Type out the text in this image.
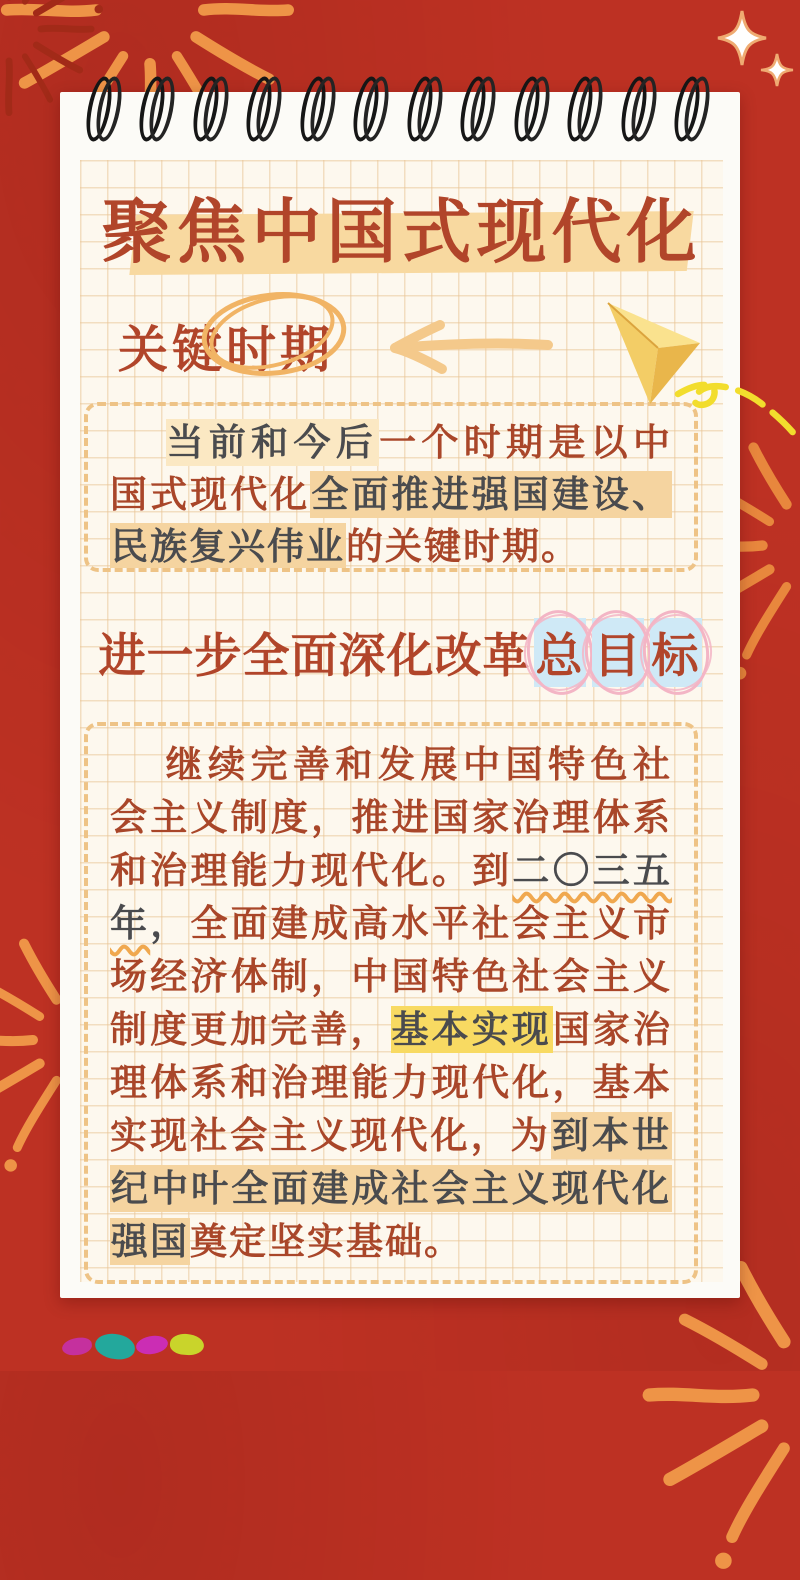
聚焦中国式现代化
关键时期

当前和今后一个时期是以中国式现代化全面推进强国建设、民族复兴伟业的关键时期。

进一步全面深化改革 总 目 标

继续完善和发展中国特色社会主义制度，推进国家治理体系和治理能力现代化。到二〇三五年，全面建成高水平社会主义市场经济体制，中国特色社会主义制度更加完善，基本实现国家治理体系和治理能力现代化，基本实现社会主义现代化，为到本世纪中叶全面建成社会主义现代化强国奠定坚实基础。
